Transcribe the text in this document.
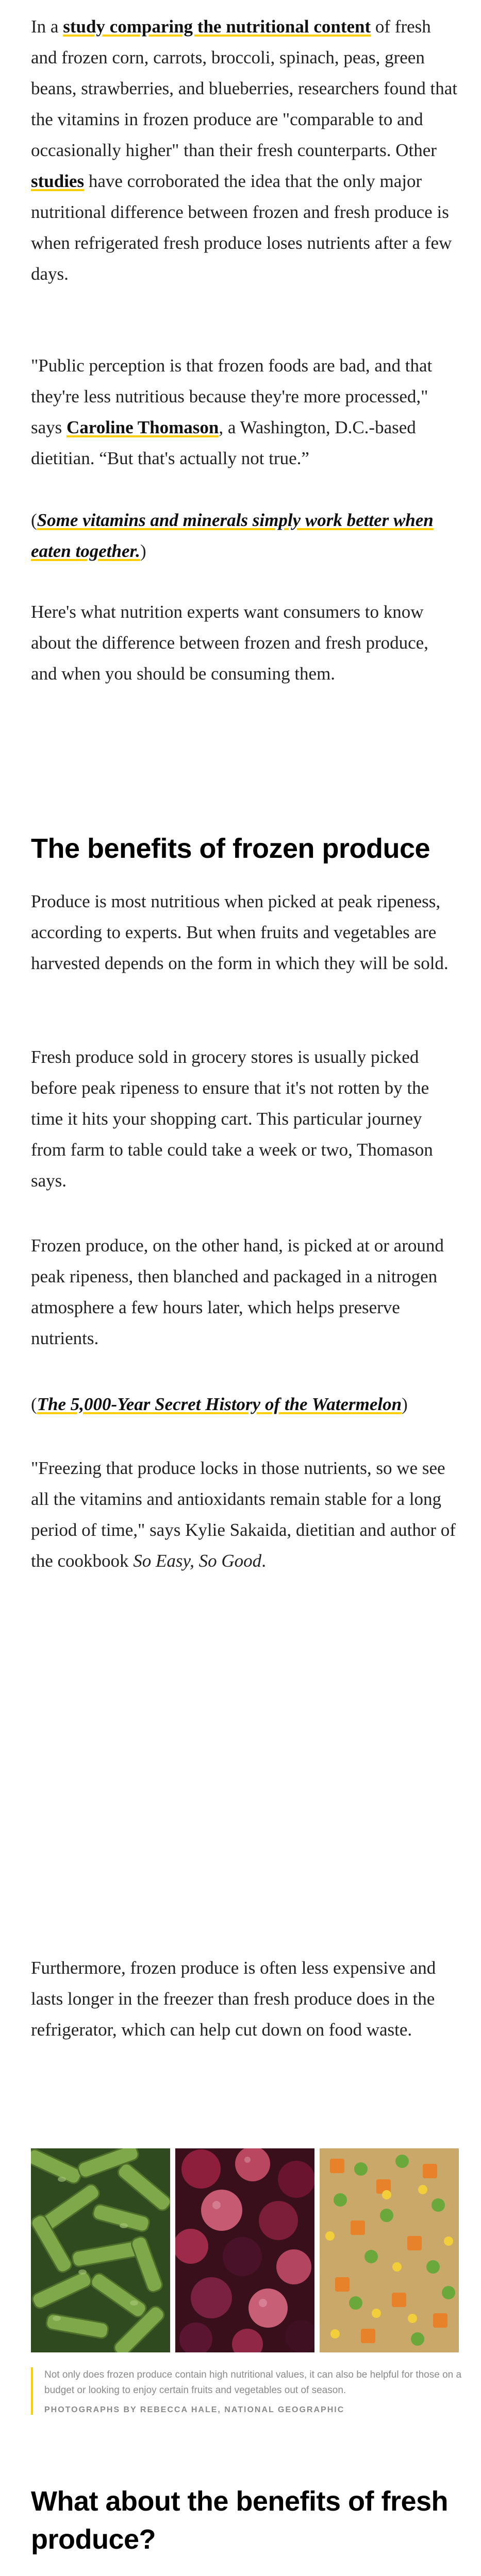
In a study comparing the nutritional content of fresh and frozen corn, carrots, broccoli, spinach, peas, green beans, strawberries, and blueberries, researchers found that the vitamins in frozen produce are "comparable to and occasionally higher" than their fresh counterparts. Other studies have corroborated the idea that the only major nutritional difference between frozen and fresh produce is when refrigerated fresh produce loses nutrients after a few days.

"Public perception is that frozen foods are bad, and that they're less nutritious because they're more processed," says Caroline Thomason, a Washington, D.C.-based dietitian. “But that's actually not true.”

(Some vitamins and minerals simply work better when eaten together.)

Here's what nutrition experts want consumers to know about the difference between frozen and fresh produce, and when you should be consuming them.

The benefits of frozen produce

Produce is most nutritious when picked at peak ripeness, according to experts. But when fruits and vegetables are harvested depends on the form in which they will be sold.

Fresh produce sold in grocery stores is usually picked before peak ripeness to ensure that it's not rotten by the time it hits your shopping cart. This particular journey from farm to table could take a week or two, Thomason says.

Frozen produce, on the other hand, is picked at or around peak ripeness, then blanched and packaged in a nitrogen atmosphere a few hours later, which helps preserve nutrients.

(The 5,000-Year Secret History of the Watermelon)

"Freezing that produce locks in those nutrients, so we see all the vitamins and antioxidants remain stable for a long period of time," says Kylie Sakaida, dietitian and author of the cookbook So Easy, So Good.

Furthermore, frozen produce is often less expensive and lasts longer in the freezer than fresh produce does in the refrigerator, which can help cut down on food waste.

Not only does frozen produce contain high nutritional values, it can also be helpful for those on a budget or looking to enjoy certain fruits and vegetables out of season.
PHOTOGRAPHS BY REBECCA HALE, NATIONAL GEOGRAPHIC
What about the benefits of fresh produce?
